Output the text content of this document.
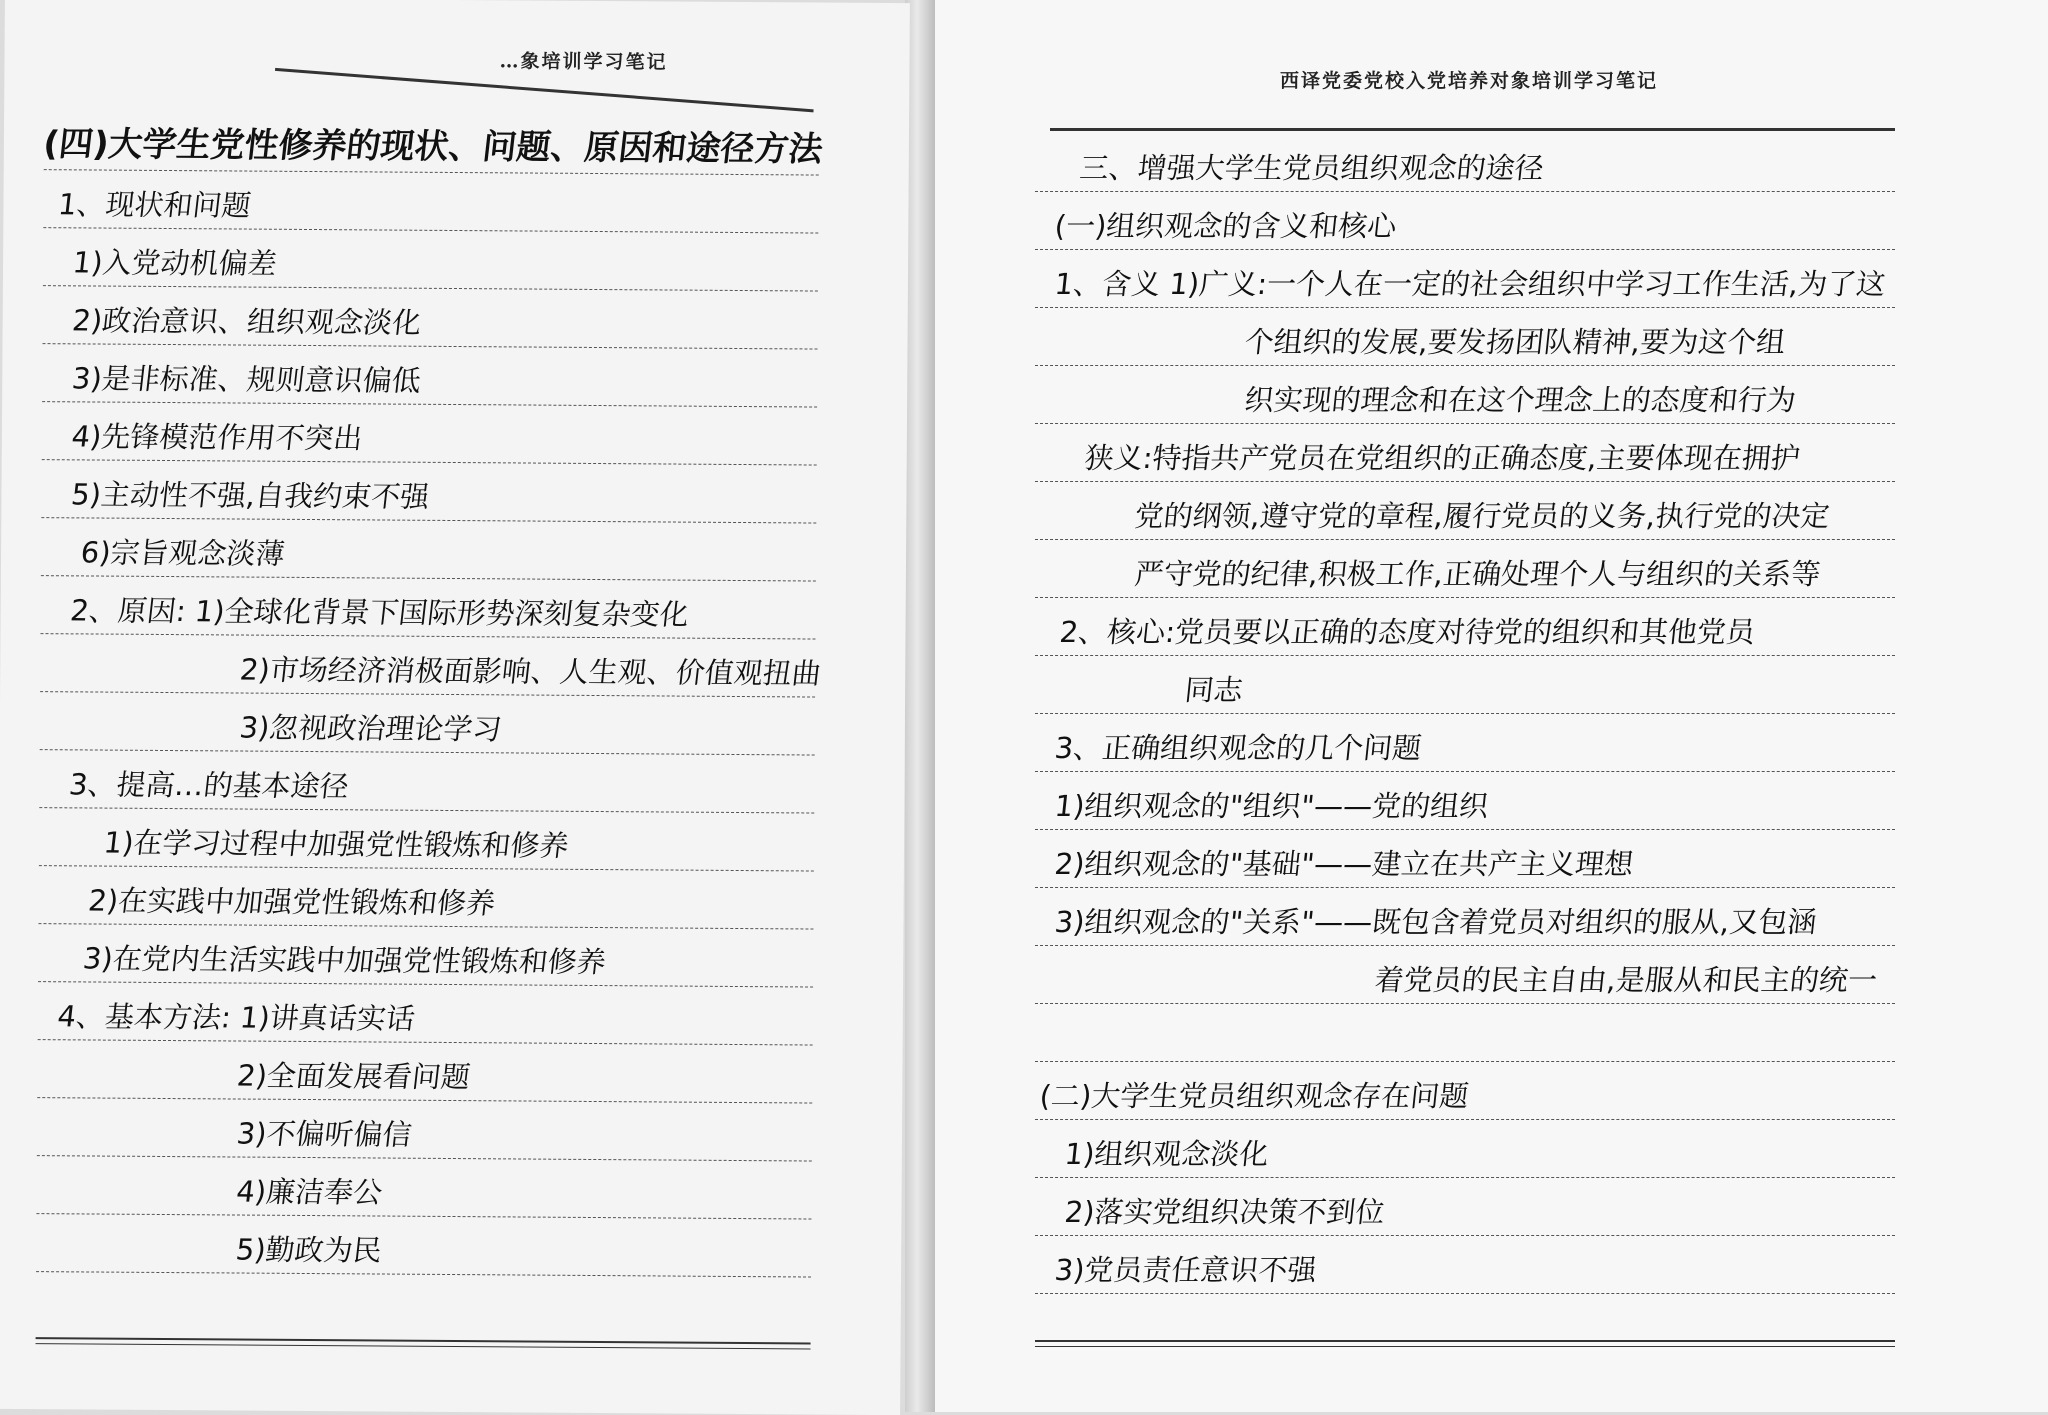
…象培训学习笔记
(四)大学生党性修养的现状、问题、原因和途径方法
1、现状和问题
1)入党动机偏差
2)政治意识、组织观念淡化
3)是非标准、规则意识偏低
4)先锋模范作用不突出
5)主动性不强,自我约束不强
6)宗旨观念淡薄
2、原因: 1)全球化背景下国际形势深刻复杂变化
2)市场经济消极面影响、人生观、价值观扭曲
3)忽视政治理论学习
3、提高…的基本途径
1)在学习过程中加强党性锻炼和修养
2)在实践中加强党性锻炼和修养
3)在党内生活实践中加强党性锻炼和修养
4、基本方法: 1)讲真话实话
2)全面发展看问题
3)不偏听偏信
4)廉洁奉公
5)勤政为民
西译党委党校入党培养对象培训学习笔记
三、增强大学生党员组织观念的途径
(一)组织观念的含义和核心
1、含义 1)广义:一个人在一定的社会组织中学习工作生活,为了这
个组织的发展,要发扬团队精神,要为这个组
织实现的理念和在这个理念上的态度和行为
狭义:特指共产党员在党组织的正确态度,主要体现在拥护
党的纲领,遵守党的章程,履行党员的义务,执行党的决定
严守党的纪律,积极工作,正确处理个人与组织的关系等
2、核心:党员要以正确的态度对待党的组织和其他党员
同志
3、正确组织观念的几个问题
1)组织观念的"组织"——党的组织
2)组织观念的"基础"——建立在共产主义理想
3)组织观念的"关系"——既包含着党员对组织的服从,又包涵
着党员的民主自由,是服从和民主的统一
(二)大学生党员组织观念存在问题
1)组织观念淡化
2)落实党组织决策不到位
3)党员责任意识不强
